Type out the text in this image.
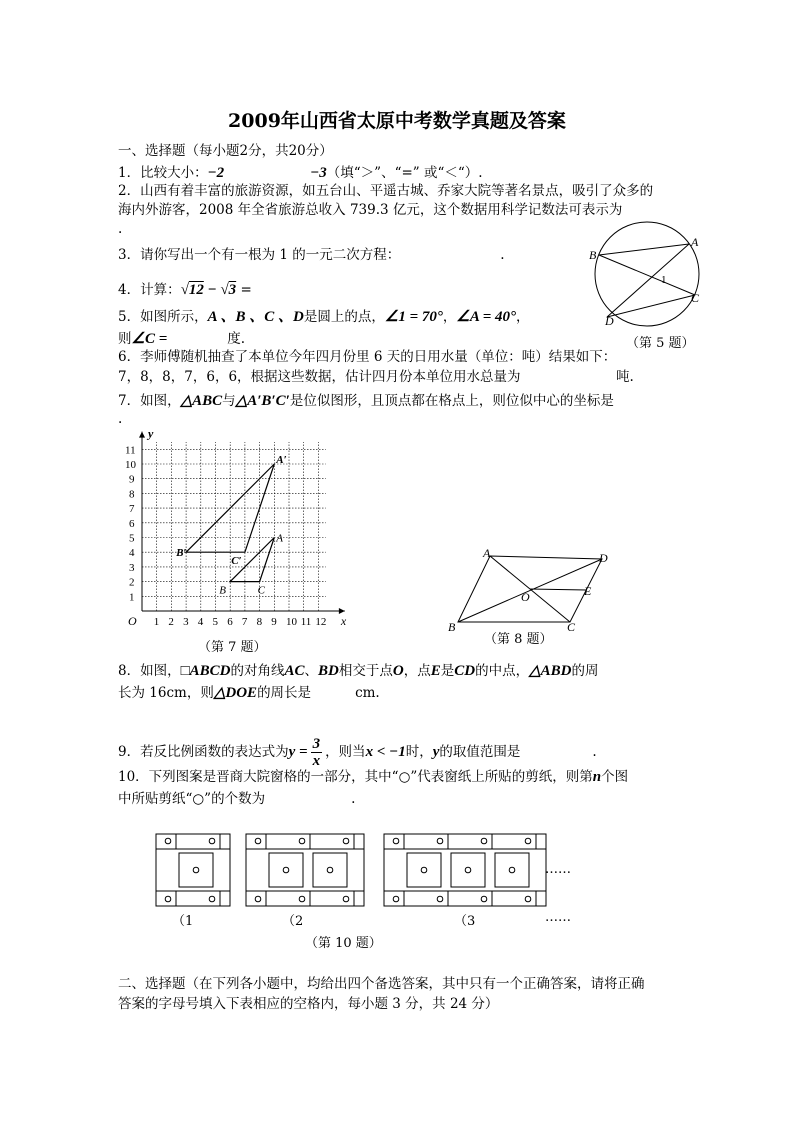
2009年山西省太原中考数学真题及答案
一、选择题（每小题2分，共20分）
1．比较大小：−2	−3（填“＞”、“=” 或“＜“）.
2．山西有着丰富的旅游资源，如五台山、平遥古城、乔家大院等著名景点，吸引了众多的
海内外游客，2008 年全省旅游总收入 739.3 亿元，这个数据用科学记数法可表示为
.
3．请你写出一个有一根为 1 的一元二次方程：	.
4．计算：√12 − √3 =
5．如图所示，A 、B 、C 、D是圆上的点，∠1 = 70°，∠A = 40°，
则∠C =	度.
6．李师傅随机抽查了本单位今年四月份里 6 天的日用水量（单位：吨）结果如下：
7，8，8，7，6，6，根据这些数据，估计四月份本单位用水总量为	吨.
7．如图，△ABC与△A′B′C′是位似图形，且顶点都在格点上，则位似中心的坐标是
.
B
A
C
D
1
（第 5 题）
1 2 3 4 5 6 7 8 9 10 11 12
1
2
3
4
5
6
7
8
9
10
11
O
y
x
B′
A′
C′
A
B	C
（第 7 题）
A	D
B	C
O	E
（第 8 题）
8．如图，□ABCD的对角线AC、BD相交于点O，点E是CD的中点，△ABD的周
长为 16cm，则△DOE的周长是	cm.
9．若反比例函数的表达式为$y = \frac{3}{x}$ ，则当x < −1时，y的取值范围是	.
10．下列图案是晋商大院窗格的一部分，其中“○”代表窗纸上所贴的剪纸，则第n个图
中所贴剪纸“○”的个数为	.
……
（1	（2	（3	……
（第 10 题）
二、选择题（在下列各小题中，均给出四个备选答案，其中只有一个正确答案，请将正确
答案的字母号填入下表相应的空格内，每小题 3 分，共 24 分）
